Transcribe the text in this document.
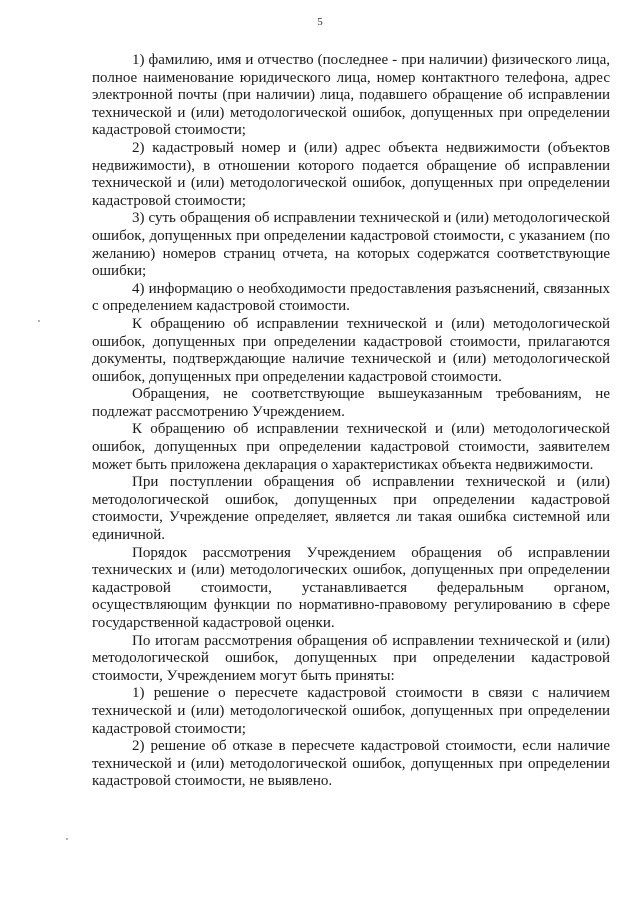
5

1) фамилию, имя и отчество (последнее - при наличии) физического лица, полное наименование юридического лица, номер контактного телефона, адрес электронной почты (при наличии) лица, подавшего обращение об исправлении технической и (или) методологической ошибок, допущенных при определении кадастровой стоимости;

2) кадастровый номер и (или) адрес объекта недвижимости (объектов недвижимости), в отношении которого подается обращение об исправлении технической и (или) методологической ошибок, допущенных при определении кадастровой стоимости;

3) суть обращения об исправлении технической и (или) методологической ошибок, допущенных при определении кадастровой стоимости, с указанием (по желанию) номеров страниц отчета, на которых содержатся соответствующие ошибки;

4) информацию о необходимости предоставления разъяснений, связанных с определением кадастровой стоимости.

К обращению об исправлении технической и (или) методологической ошибок, допущенных при определении кадастровой стоимости, прилагаются документы, подтверждающие наличие технической и (или) методологической ошибок, допущенных при определении кадастровой стоимости.

Обращения, не соответствующие вышеуказанным требованиям, не подлежат рассмотрению Учреждением.

К обращению об исправлении технической и (или) методологической ошибок, допущенных при определении кадастровой стоимости, заявителем может быть приложена декларация о характеристиках объекта недвижимости.

При поступлении обращения об исправлении технической и (или) методологической ошибок, допущенных при определении кадастровой стоимости, Учреждение определяет, является ли такая ошибка системной или единичной.

Порядок рассмотрения Учреждением обращения об исправлении технических и (или) методологических ошибок, допущенных при определении кадастровой стоимости, устанавливается федеральным органом, осуществляющим функции по нормативно-правовому регулированию в сфере государственной кадастровой оценки.

По итогам рассмотрения обращения об исправлении технической и (или) методологической ошибок, допущенных при определении кадастровой стоимости, Учреждением могут быть приняты:

1) решение о пересчете кадастровой стоимости в связи с наличием технической и (или) методологической ошибок, допущенных при определении кадастровой стоимости;

2) решение об отказе в пересчете кадастровой стоимости, если наличие технической и (или) методологической ошибок, допущенных при определении кадастровой стоимости, не выявлено.
